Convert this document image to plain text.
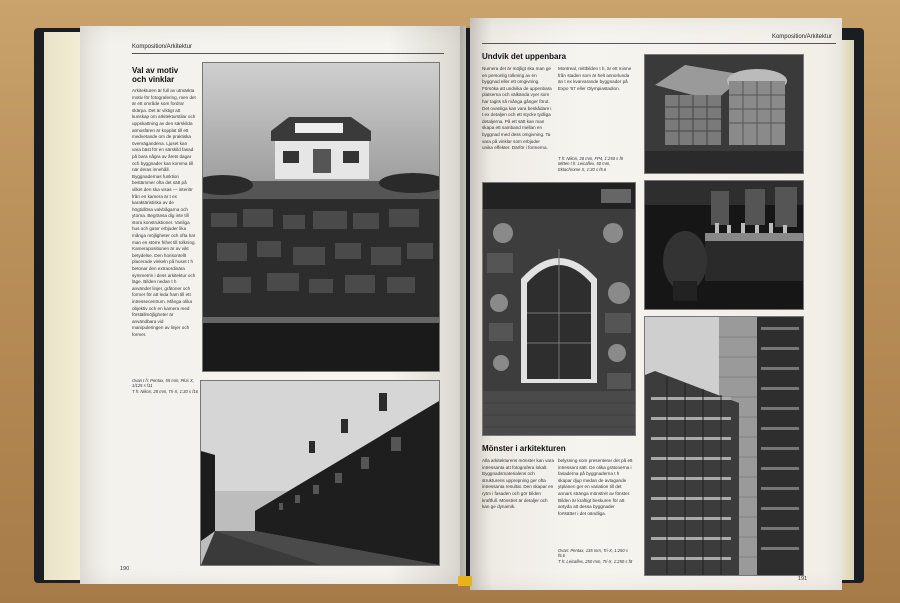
Komposition/Arkitektur
Val av motiv och vinklar
Arkitekturen är full av utmärkta motiv för fotografering, men det är ett område som fordrar skärpa. Det är viktigt att kunskap om arkitekturstilar och uppskattning av den särskilda atmosfären är kopplat till ett medvetande om de praktiska övervägandena. Ljuset kan vara bäst för en särskild fasad på bara några av årets dagar och byggnader kan komma till när deras innehåll. Byggnadernas funktion bestämmer ofta det sätt på vilket den ska visas — interiör från en kamera är t ex karaktäristiska av de högtidlösa valvbågarna och ytorna. Begränsa dig inte till stora konstruktioner. Vanliga hus och gator erbjuder lika många möjligheter och ofta har man en större frihet till tolkning. Kamerapositionen är av vikt betydelse. Den horisontellt placerade vinkeln på huset t h betonar den extraordinära symmetrin i dess arkitektur och läge. Bilden nedan t h använder linjer, gråtoner och former för att leda fram till ett intressecentrum. Många olika objektiv och en kamera med förställmöjligheter är användbara vid manipuleringen av linjer och former.
Ovan t h: Pentax, 55 mm, Plus X, 1/125 s f11
T h: Nikon, 28 mm, Tri-X, 1:30 s f16
190
Komposition/Arkitektur
Undvik det uppenbara
Numera det är möjligt ska man ge en personlig tolkning av en byggnad eller ett omgivning. Försöka att undvika de uppenbara platserna och välkända vyer som har tagits så många gånger förut. Det ovanliga kan vara beskådare i t ex detaljen och ett stycke tydliga detaljerna. På ett sätt kan man skapa ett samband mellan en byggnad med dess omgivning. Ta vara på vinklar som erbjuder unika effekter. Därför i formerna.
Montreal, mittbilden t h, är ett minne från staden som är helt annorlunda än t ex kvarvarande byggnader på Expo '67 eller Olympiastadion.
T h: Nikon, 28 mm, FP4, 1:250 s f8
Mitten t h: Leicaflex, 50 mm, Ektachrome X, 1:30 s f5.6
Mönster i arkitekturen
Alla arkitekturens mönster kan vara intressanta att fotografera lokalt. Byggnadsmaterialens och strukturens upprepning ger ofta intressanta resultat. Den skapar en rytm i fasaden och gör bilden kraftfull. Mönstret är detaljer och kan ge dynamik.
belysning som presenterar det på ett intressant sätt. De olika grätonerna i fasaderna på byggnaderna t h skapar djup medan de avtagande ytplanen ger en variation till det annars stränga mönstret av fönster. Bilden är kraftigt beskuren för att antyda att dessa byggnader fortsätter i det oändliga.
Ovan: Pentax, 135 mm, Tri-X, 1:250 s f5.6
T h: Leicaflex, 250 mm, Tri-X, 1:250 s f8
191
